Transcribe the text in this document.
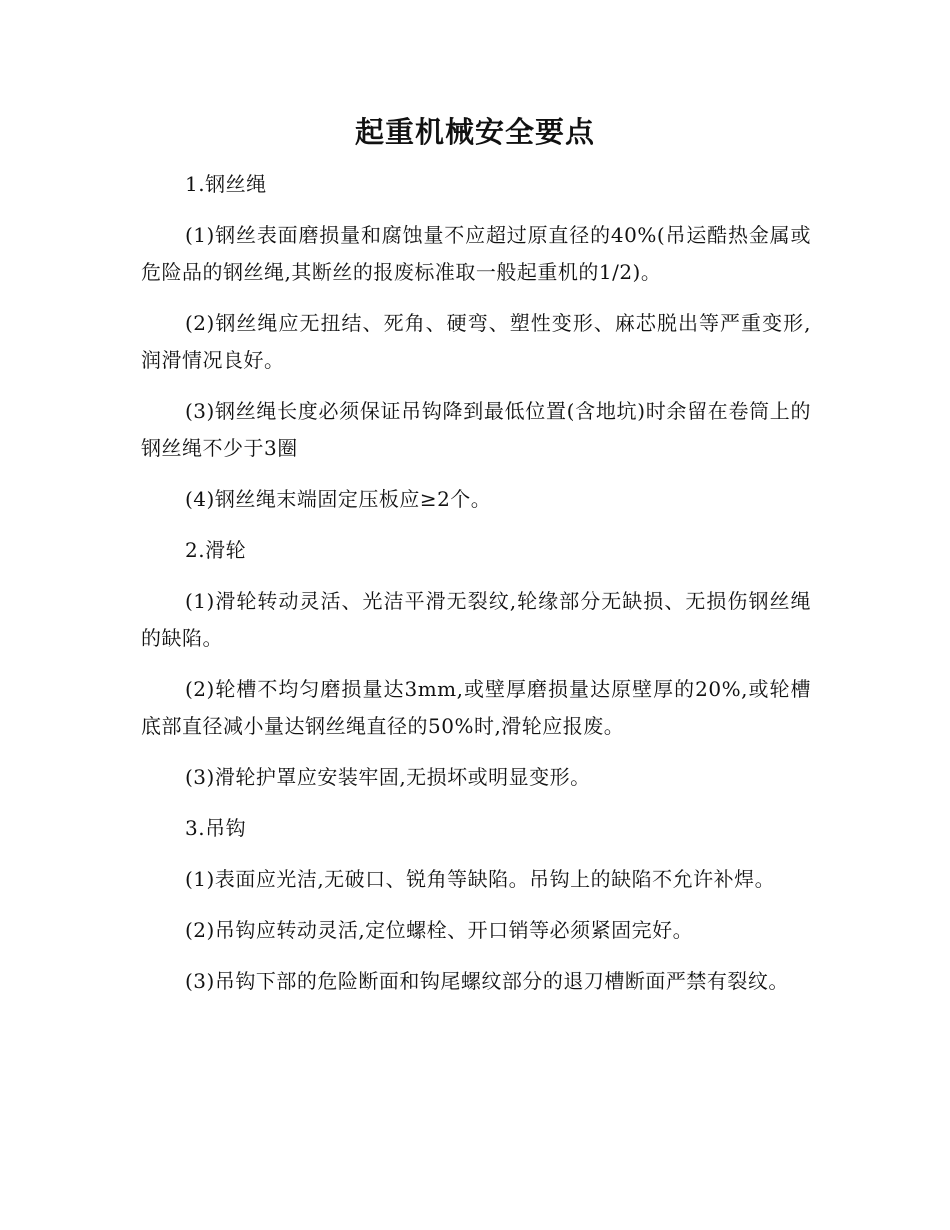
起重机械安全要点

1.钢丝绳

(1)钢丝表面磨损量和腐蚀量不应超过原直径的40%(吊运酷热金属或危险品的钢丝绳,其断丝的报废标准取一般起重机的1/2)。

(2)钢丝绳应无扭结、死角、硬弯、塑性变形、麻芯脱出等严重变形,润滑情况良好。

(3)钢丝绳长度必须保证吊钩降到最低位置(含地坑)时余留在卷筒上的钢丝绳不少于3圈

(4)钢丝绳末端固定压板应≥2个。

2.滑轮

(1)滑轮转动灵活、光洁平滑无裂纹,轮缘部分无缺损、无损伤钢丝绳的缺陷。

(2)轮槽不均匀磨损量达3mm,或壁厚磨损量达原壁厚的20%,或轮槽底部直径减小量达钢丝绳直径的50%时,滑轮应报废。

(3)滑轮护罩应安装牢固,无损坏或明显变形。

3.吊钩

(1)表面应光洁,无破口、锐角等缺陷。吊钩上的缺陷不允许补焊。

(2)吊钩应转动灵活,定位螺栓、开口销等必须紧固完好。

(3)吊钩下部的危险断面和钩尾螺纹部分的退刀槽断面严禁有裂纹。
